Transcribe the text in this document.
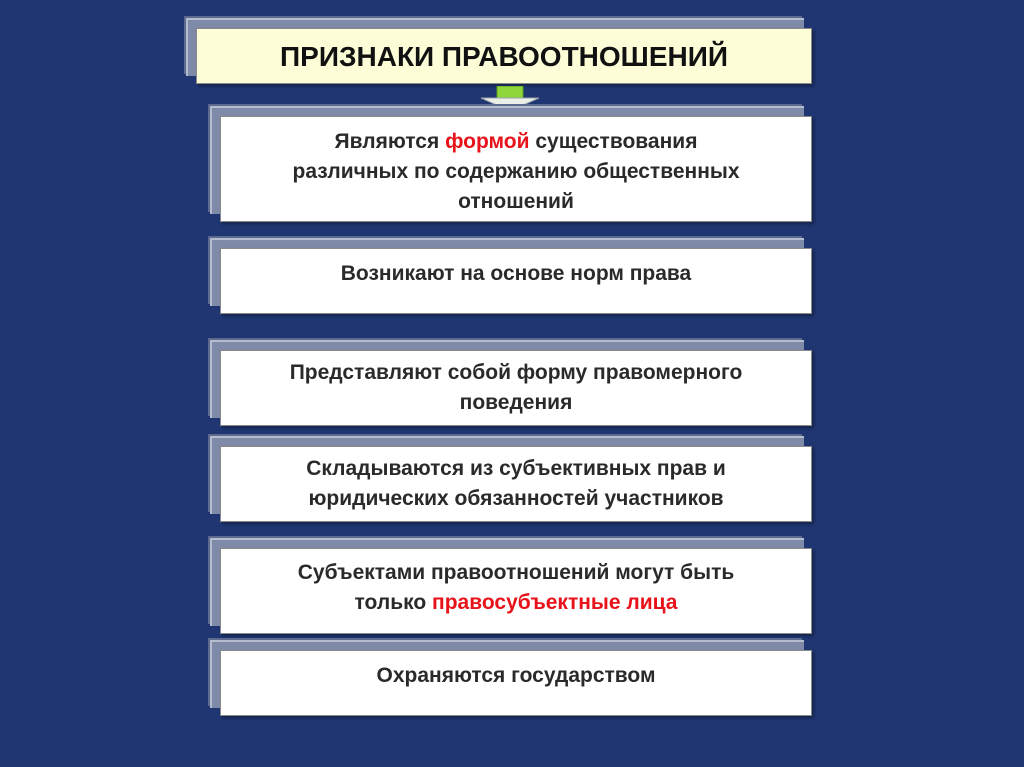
ПРИЗНАКИ ПРАВООТНОШЕНИЙ
Являются формой существования
различных по содержанию общественных
отношений
Возникают на основе норм права
Представляют собой форму правомерного
поведения
Складываются из субъективных прав и
юридических обязанностей участников
Субъектами правоотношений могут быть
только правосубъектные лица
Охраняются государством
